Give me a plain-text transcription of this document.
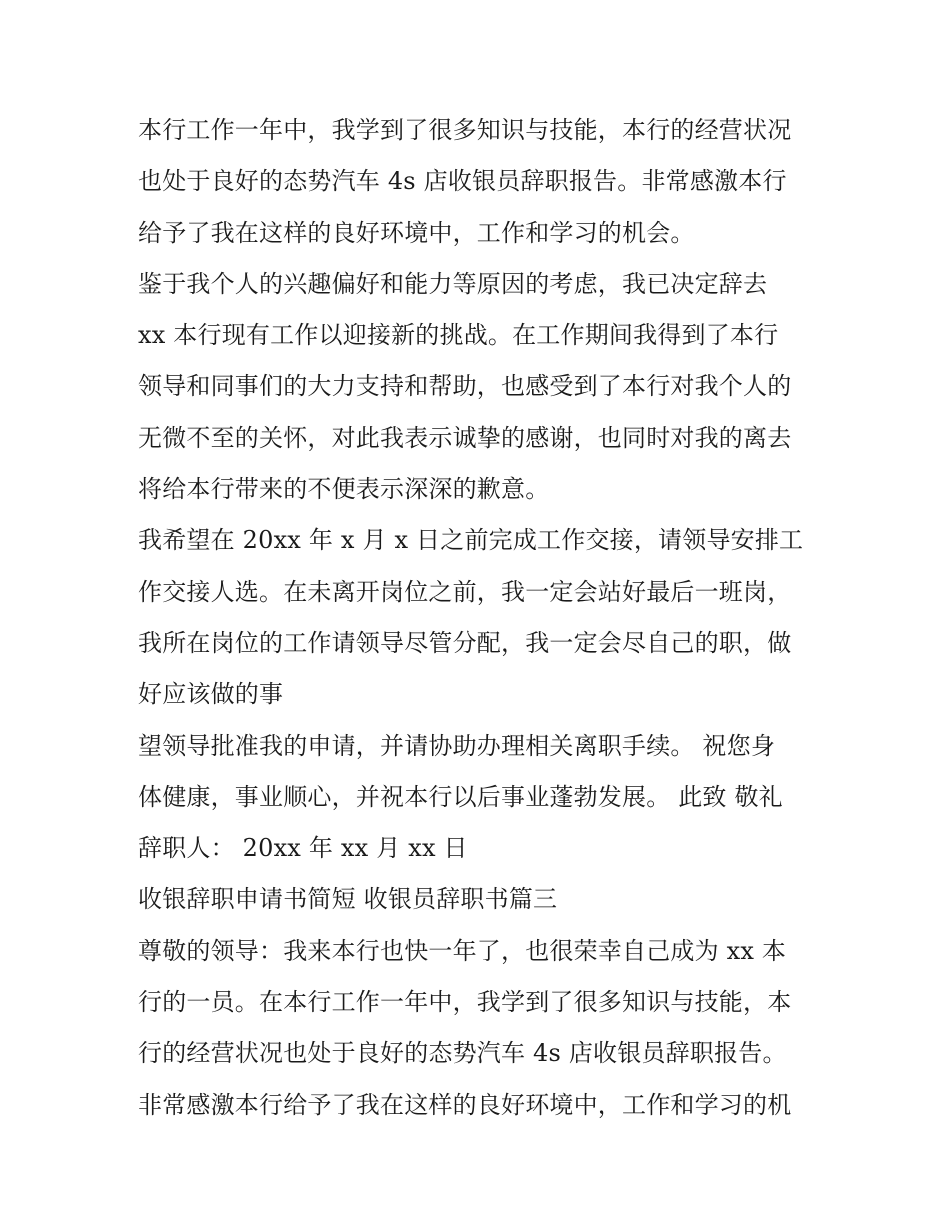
本行工作一年中，我学到了很多知识与技能，本行的经营状况
也处于良好的态势汽车 4s 店收银员辞职报告。非常感激本行
给予了我在这样的良好环境中，工作和学习的机会。
鉴于我个人的兴趣偏好和能力等原因的考虑，我已决定辞去
xx 本行现有工作以迎接新的挑战。在工作期间我得到了本行
领导和同事们的大力支持和帮助，也感受到了本行对我个人的
无微不至的关怀，对此我表示诚挚的感谢，也同时对我的离去
将给本行带来的不便表示深深的歉意。
我希望在 20xx 年 x 月 x 日之前完成工作交接，请领导安排工
作交接人选。在未离开岗位之前，我一定会站好最后一班岗，
我所在岗位的工作请领导尽管分配，我一定会尽自己的职，做
好应该做的事
望领导批准我的申请，并请协助办理相关离职手续。 祝您身
体健康，事业顺心，并祝本行以后事业蓬勃发展。 此致 敬礼
辞职人： 20xx 年 xx 月 xx 日
收银辞职申请书简短 收银员辞职书篇三
尊敬的领导：我来本行也快一年了，也很荣幸自己成为 xx 本
行的一员。在本行工作一年中，我学到了很多知识与技能，本
行的经营状况也处于良好的态势汽车 4s 店收银员辞职报告。
非常感激本行给予了我在这样的良好环境中，工作和学习的机
